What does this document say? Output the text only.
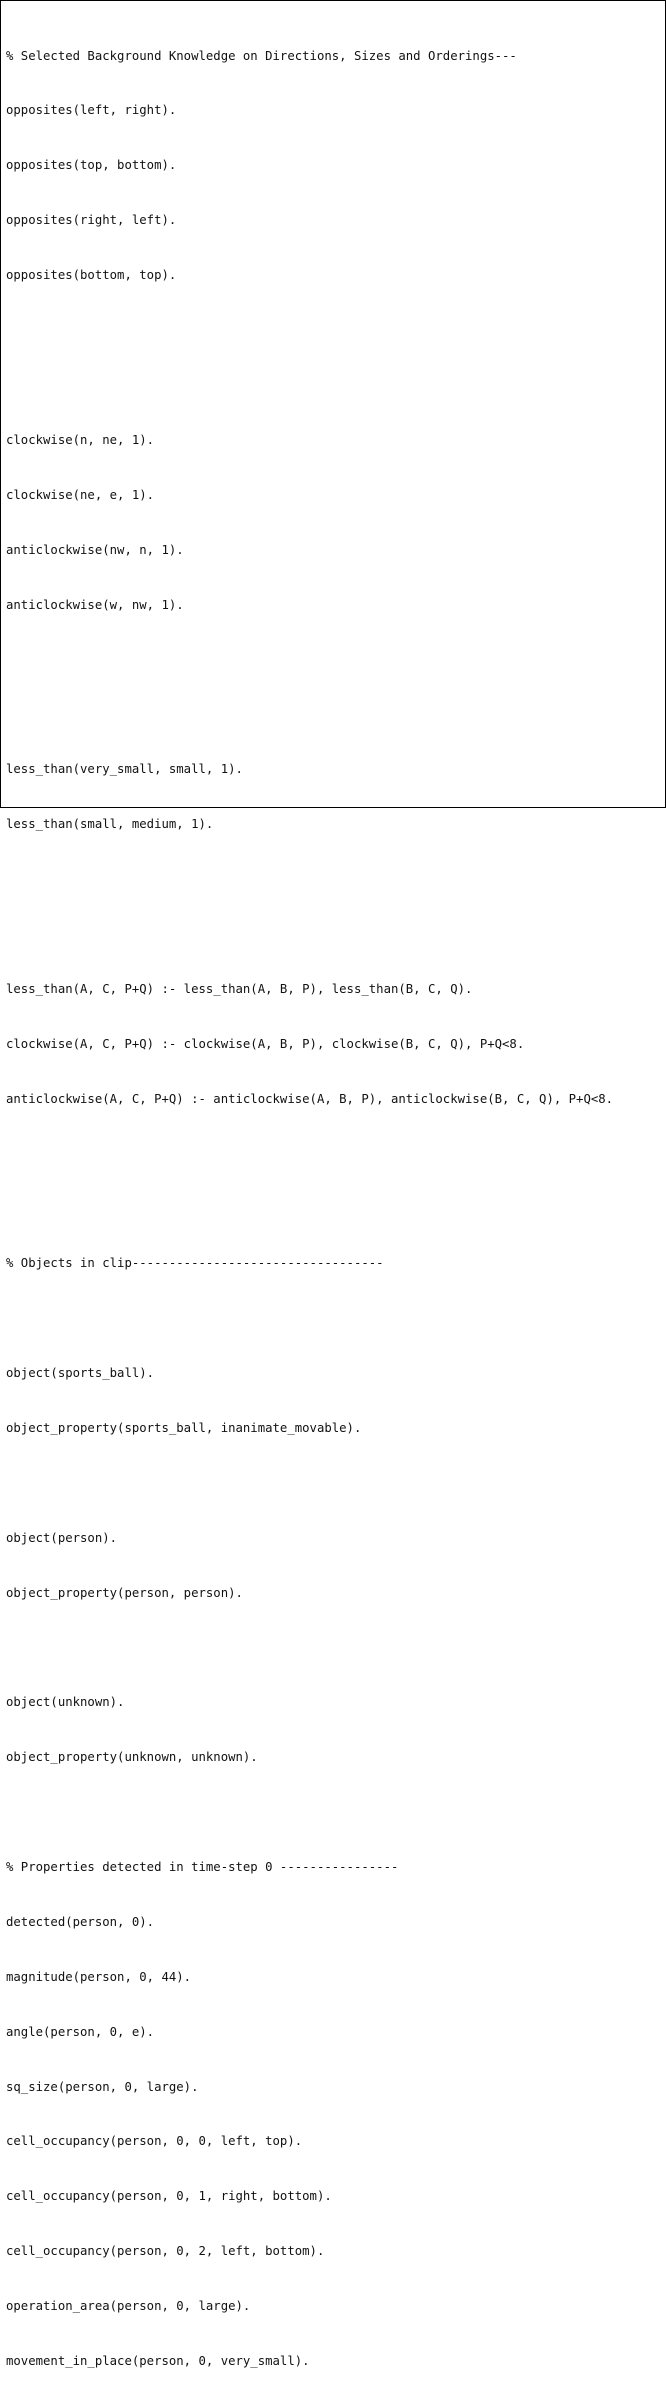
% Selected Background Knowledge on Directions, Sizes and Orderings---

opposites(left, right).

opposites(top, bottom).

opposites(right, left).

opposites(bottom, top).

clockwise(n, ne, 1).

clockwise(ne, e, 1).

anticlockwise(nw, n, 1).

anticlockwise(w, nw, 1).

less_than(very_small, small, 1).

less_than(small, medium, 1).

less_than(A, C, P+Q) :- less_than(A, B, P), less_than(B, C, Q).

clockwise(A, C, P+Q) :- clockwise(A, B, P), clockwise(B, C, Q), P+Q<8.

anticlockwise(A, C, P+Q) :- anticlockwise(A, B, P), anticlockwise(B, C, Q), P+Q<8.

% Objects in clip----------------------------------

object(sports_ball).

object_property(sports_ball, inanimate_movable).

object(person).

object_property(person, person).

object(unknown).

object_property(unknown, unknown).

% Properties detected in time-step 0 ----------------

detected(person, 0).

magnitude(person, 0, 44).

angle(person, 0, e).

sq_size(person, 0, large).

cell_occupancy(person, 0, 0, left, top).

cell_occupancy(person, 0, 1, right, bottom).

cell_occupancy(person, 0, 2, left, bottom).

operation_area(person, 0, large).

movement_in_place(person, 0, very_small).
